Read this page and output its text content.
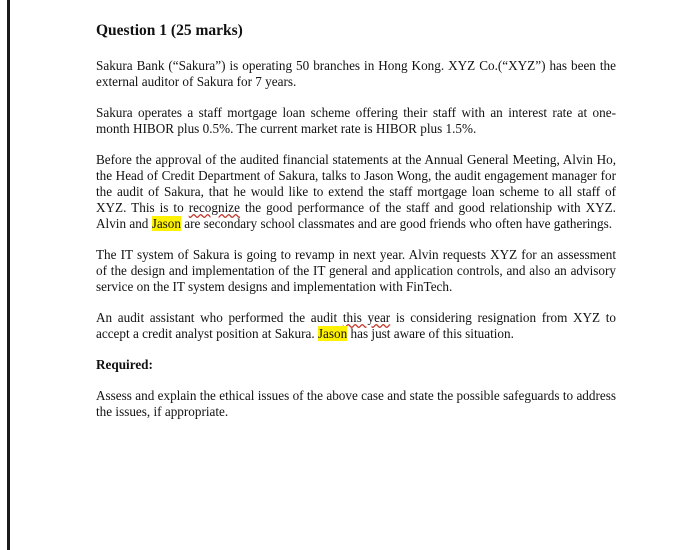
Question 1 (25 marks)

Sakura Bank (“Sakura”) is operating 50 branches in Hong Kong. XYZ Co.(“XYZ”) has been the external auditor of Sakura for 7 years.

Sakura operates a staff mortgage loan scheme offering their staff with an interest rate at one-month HIBOR plus 0.5%. The current market rate is HIBOR plus 1.5%.

Before the approval of the audited financial statements at the Annual General Meeting, Alvin Ho, the Head of Credit Department of Sakura, talks to Jason Wong, the audit engagement manager for the audit of Sakura, that he would like to extend the staff mortgage loan scheme to all staff of XYZ. This is to recognize the good performance of the staff and good relationship with XYZ. Alvin and Jason are secondary school classmates and are good friends who often have gatherings.

The IT system of Sakura is going to revamp in next year. Alvin requests XYZ for an assessment of the design and implementation of the IT general and application controls, and also an advisory service on the IT system designs and implementation with FinTech.

An audit assistant who performed the audit this year is considering resignation from XYZ to accept a credit analyst position at Sakura. Jason has just aware of this situation.

Required:

Assess and explain the ethical issues of the above case and state the possible safeguards to address the issues, if appropriate.
